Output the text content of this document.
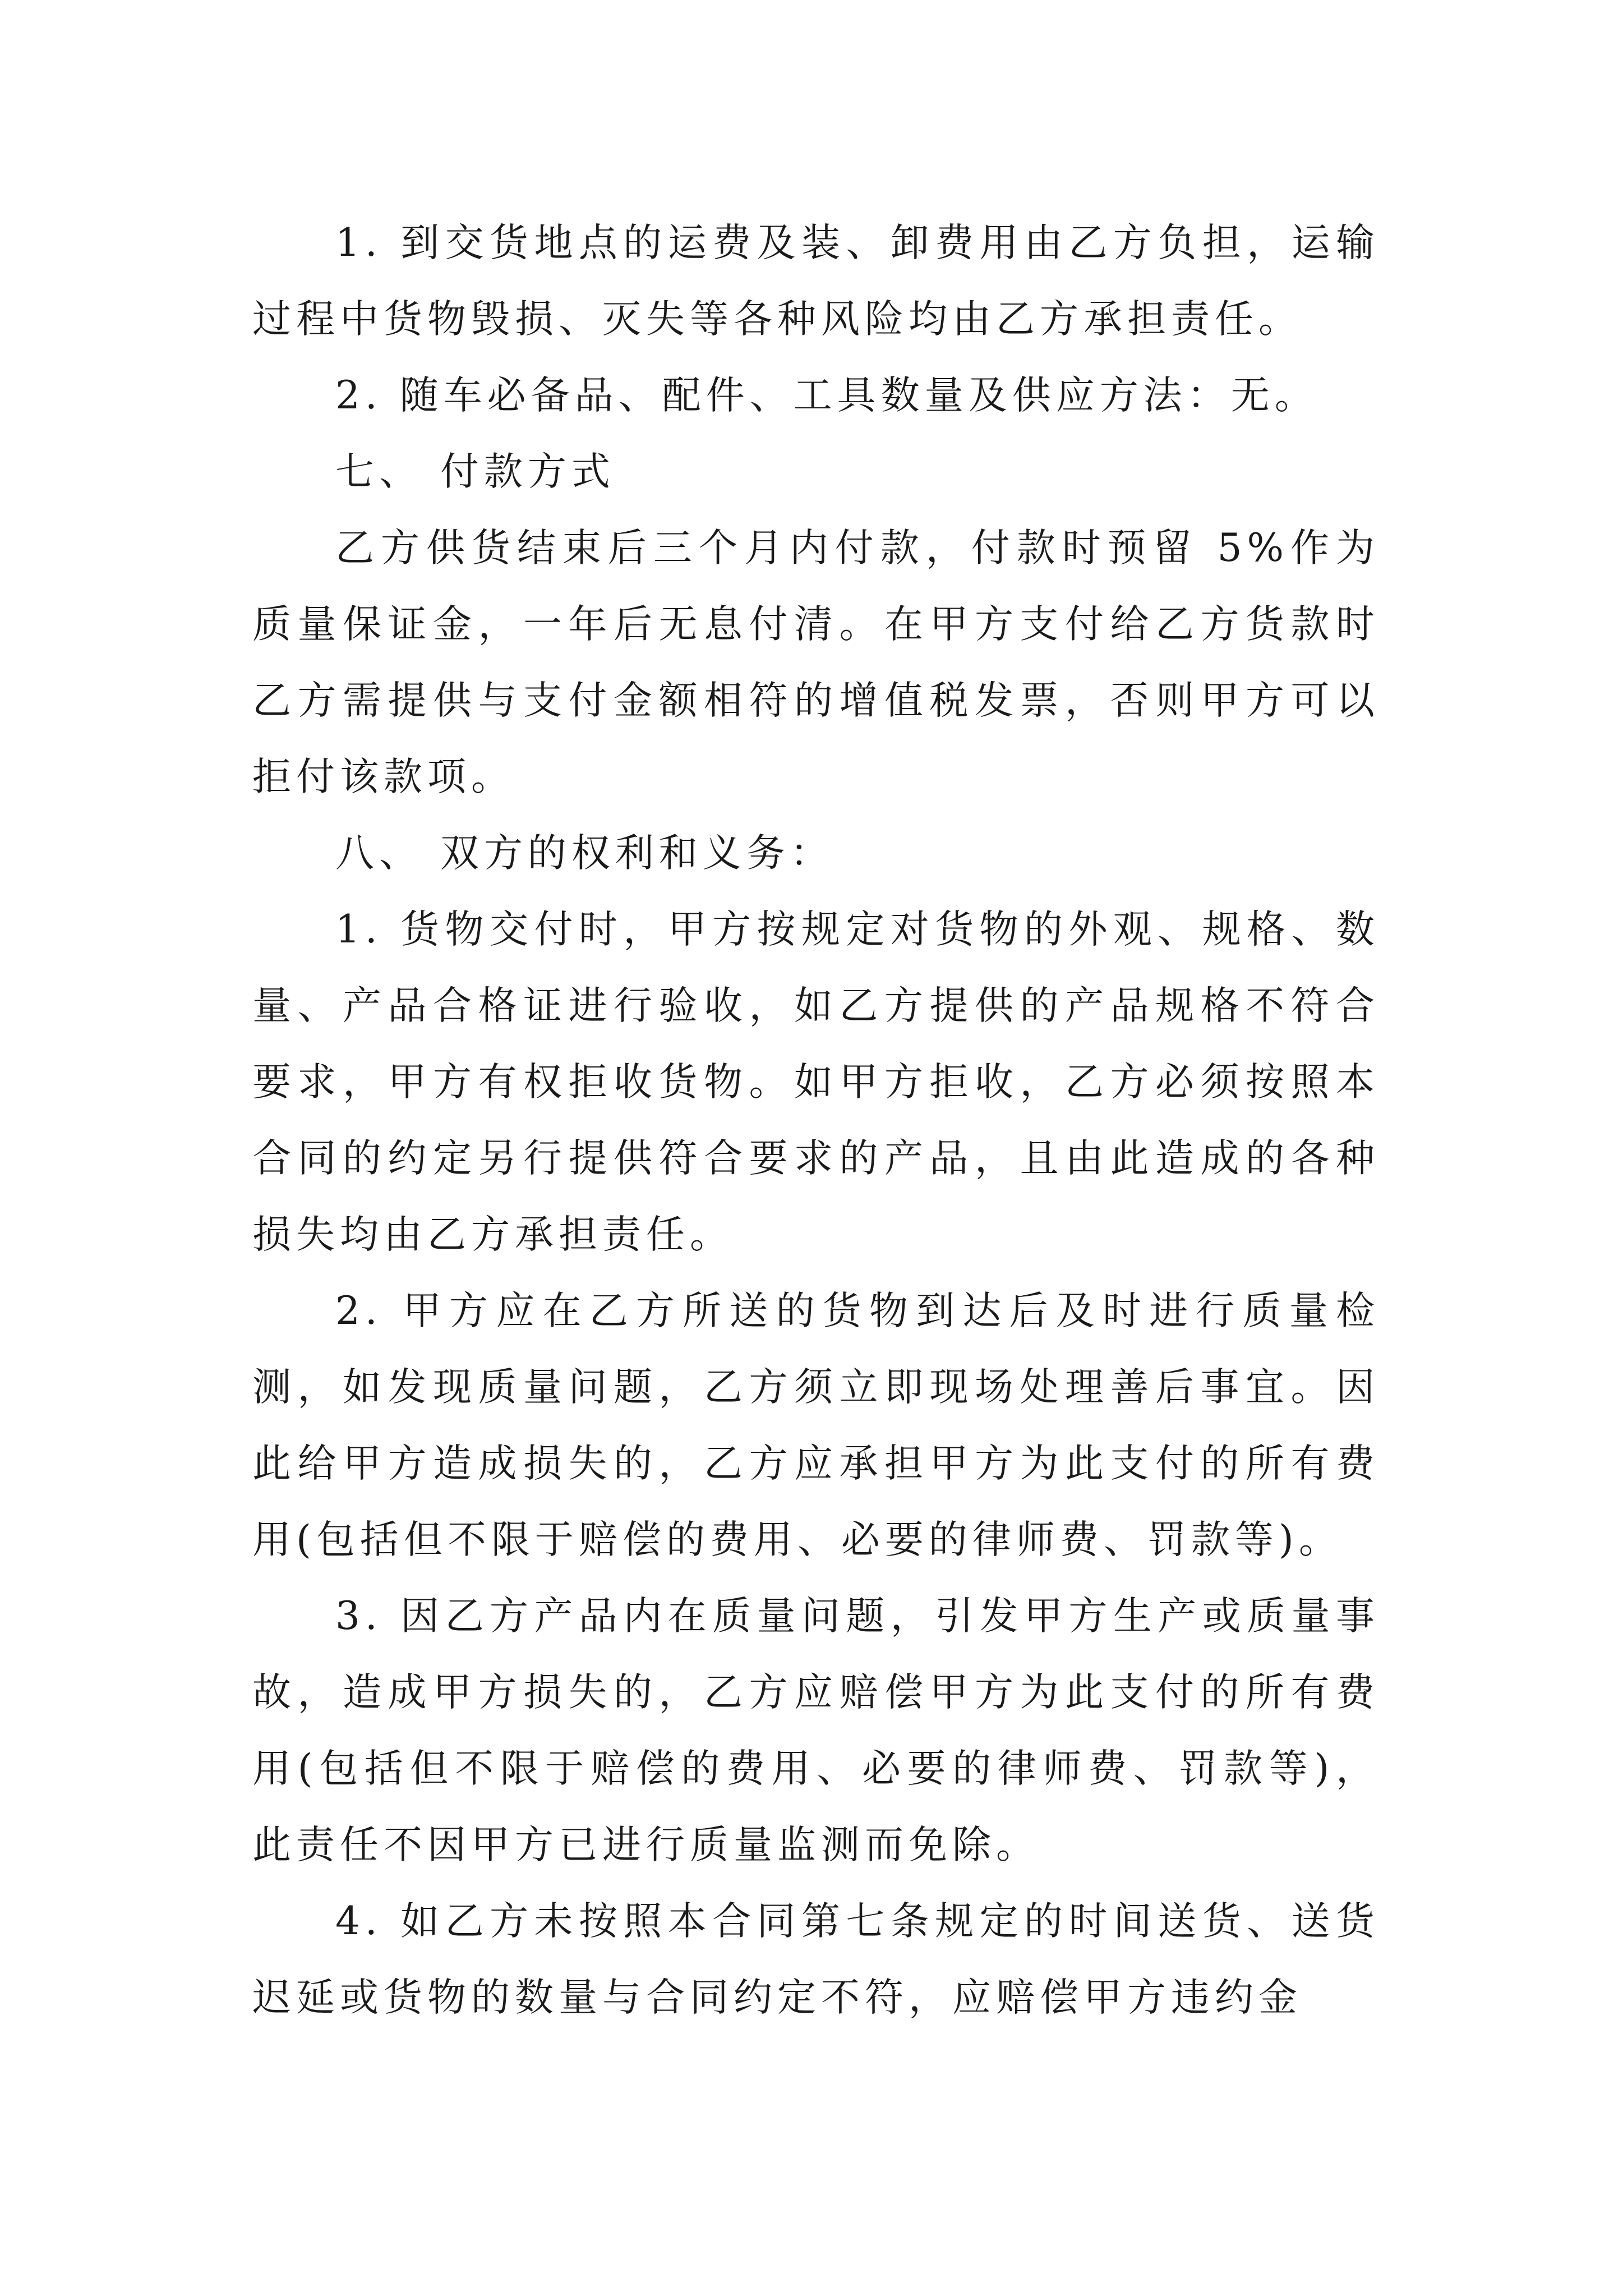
1. 到交货地点的运费及装、卸费用由乙方负担，运输过程中货物毁损、灭失等各种风险均由乙方承担责任。

2. 随车必备品、配件、工具数量及供应方法：无。

七、 付款方式

乙方供货结束后三个月内付款，付款时预留 5%作为质量保证金，一年后无息付清。在甲方支付给乙方货款时乙方需提供与支付金额相符的增值税发票，否则甲方可以拒付该款项。

八、 双方的权利和义务：

1. 货物交付时，甲方按规定对货物的外观、规格、数量、产品合格证进行验收，如乙方提供的产品规格不符合要求，甲方有权拒收货物。如甲方拒收，乙方必须按照本合同的约定另行提供符合要求的产品，且由此造成的各种损失均由乙方承担责任。

2. 甲方应在乙方所送的货物到达后及时进行质量检测，如发现质量问题，乙方须立即现场处理善后事宜。因此给甲方造成损失的，乙方应承担甲方为此支付的所有费用(包括但不限于赔偿的费用、必要的律师费、罚款等)。

3. 因乙方产品内在质量问题，引发甲方生产或质量事故，造成甲方损失的，乙方应赔偿甲方为此支付的所有费用(包括但不限于赔偿的费用、必要的律师费、罚款等)，此责任不因甲方已进行质量监测而免除。

4. 如乙方未按照本合同第七条规定的时间送货、送货迟延或货物的数量与合同约定不符，应赔偿甲方违约金
